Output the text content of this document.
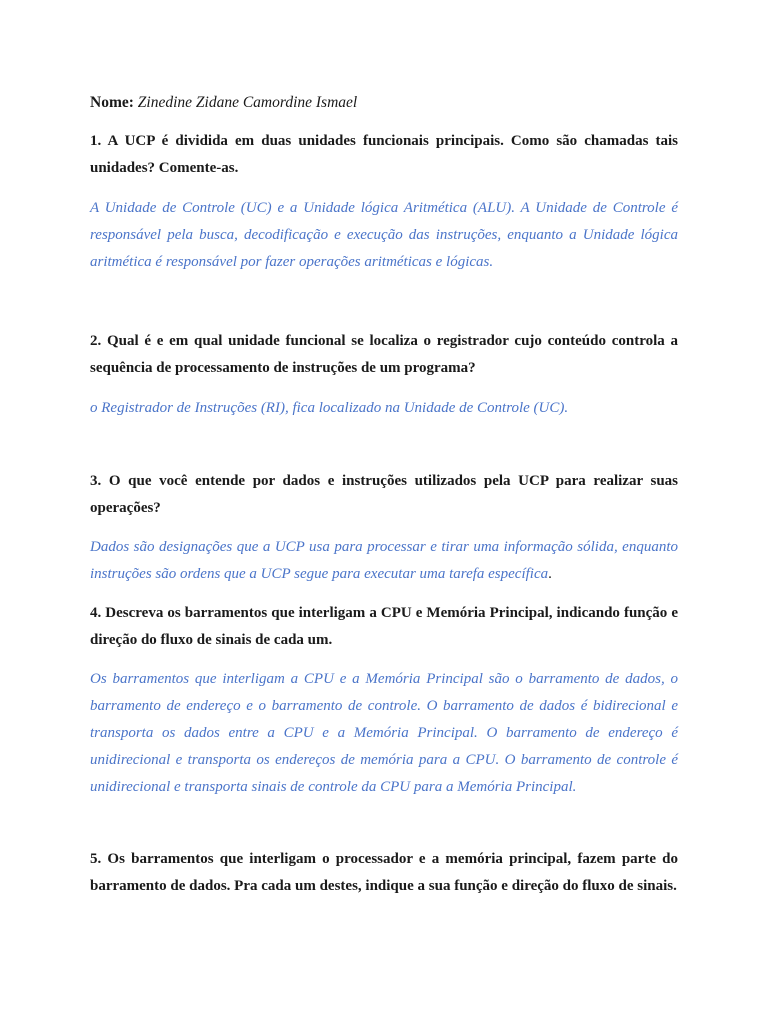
Nome: Zinedine Zidane Camordine Ismael
1. A UCP é dividida em duas unidades funcionais principais. Como são chamadas tais unidades? Comente-as.
A Unidade de Controle (UC) e a Unidade lógica Aritmética (ALU). A Unidade de Controle é responsável pela busca, decodificação e execução das instruções, enquanto a Unidade lógica aritmética é responsável por fazer operações aritméticas e lógicas.
2. Qual é e em qual unidade funcional se localiza o registrador cujo conteúdo controla a sequência de processamento de instruções de um programa?
o Registrador de Instruções (RI), fica localizado na Unidade de Controle (UC).
3. O que você entende por dados e instruções utilizados pela UCP para realizar suas operações?
Dados são designações que a UCP usa para processar e tirar uma informação sólida, enquanto instruções são ordens que a UCP segue para executar uma tarefa específica.
4. Descreva os barramentos que interligam a CPU e Memória Principal, indicando função e direção do fluxo de sinais de cada um.
Os barramentos que interligam a CPU e a Memória Principal são o barramento de dados, o barramento de endereço e o barramento de controle. O barramento de dados é bidirecional e transporta os dados entre a CPU e a Memória Principal. O barramento de endereço é unidirecional e transporta os endereços de memória para a CPU. O barramento de controle é unidirecional e transporta sinais de controle da CPU para a Memória Principal.
5. Os barramentos que interligam o processador e a memória principal, fazem parte do barramento de dados. Pra cada um destes, indique a sua função e direção do fluxo de sinais.
